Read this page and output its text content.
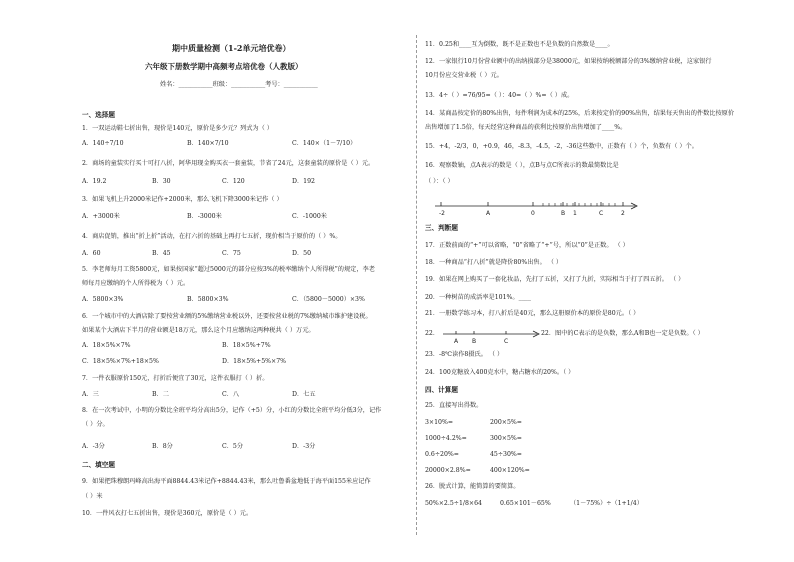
期中质量检测（1-2单元培优卷）
六年级下册数学期中高频考点培优卷（人教版）
姓名：___________班级：___________考号：___________
一、选择题
1．一双运动鞋七折出售，现价是140元，原价是多少元？列式为（ ）
A．140÷7/10	B．140×7/10	C．140×（1－7/10）
2．商场的童装实行买十可打八折，阿华用现金购买衣一套童装，节省了24元，这套童装的原价是（ ）元。
A．19.2	B．30	C．120	D．192
3．如果飞机上升2000米记作+2000米，那么飞机下降3000米记作（ ）
A．+3000米	B．-3000米	C．-1000米
4．商店促销，推出“折上折”活动，在打六折的基础上再打七五折，现价相当于原价的（ ）%。
A．60	B．45	C．75	D．50
5．李老师每月工资5800元，如果按国家“超过5000元的部分应按3%的税率缴纳个人所得税”的规定，李老
师每月应缴纳的个人所得税为（ ）元。
A．5800×3%	B．5800×3%	C．（5800－5000）×3%
6．一个城市中的大酒店除了要按营业额的5%缴纳营业税以外，还要按营业税的7%缴纳城市维护建设税。
如果某个大酒店下半月的营业额是18万元，那么这个月应缴纳这两种税共（ ）万元。
A．18×5%×7%	B．18×5%+7%
C．18×5%×7%+18×5%	D．18×5%+5%×7%
7．一件衣服原价150元，打折后便宜了30元，这件衣服打（ ）折。
A．三	B．二	C．八	D．七五
8．在一次考试中，小明的分数比全班平均分高出5分，记作（+5）分，小红的分数比全班平均分低3分，记作
（ ）分。
A．-3分	B．8分	C．5分	D．-3分
二、填空题
9．如果把珠穆朗玛峰高出海平面8844.43米记作+8844.43米，那么吐鲁番盆地低于海平面155米应记作
（ ）米
10．一件风衣打七五折出售，现价是360元，原价是（ ）元。
11．0.25和____互为倒数，既不是正数也不是负数的自然数是____。
12．一家银行10月份营业额中的出纳损部分是38000元，如果按纳税额部分的3%缴纳营业税，这家银行
10月份应交营业税（ ）元。
13．4÷（ ）=76/95=（ ）：40=（ ）%=（ ）成。
14．某商品按定价的80%出售，每件利润为成本的25%，后来按定价的90%出售，结果每天售出的件数比按原价
出售增加了1.5倍，每天经营这种商品的获利比按原价出售增加了____%。
15．+4，-2/3，0，+0.9，46，-8.3，-4.5，-2，-36这些数中，正数有（ ）个，负数有（ ）个。
16．观察数轴，点A表示的数是（ ），点B与点C所表示的数最简数比是
（ ）：（ ）
-2	A	0	B 1	C	2
三、判断题
17．正数前面的“+”可以省略，“0”省略了“+”号，所以“0”是正数。 （ ）
18．一种商品“打八折”就是降价80%出售。 （ ）
19．如果在网上购买了一套化妆品，先打了五折，又打了九折，实际相当于打了四五折。 （ ）
20．一种树苗的成活率是101%。____
21．一册数学练习本，打八折后是40元，那么这册原价本的原价是80元。（ ）
A B	C
22．	22．图中的C表示的是负数，那么A和B也一定是负数。（ ）
23．-8℃读作8摄氏。 （ ）
24．100克糖放入400克水中，糖占糖水的20%。（ ）
四、计算题
25．直接写出得数。
3×10%=	200×5%=
1000÷4.2%=	300×5%=
0.6÷20%=	45÷30%=
20000×2.8%=	400×120%=
26．脱式计算，能简算的要简算。
50%×2.5÷1/8×64	0.65×101－65%	（1－75%）÷（1+1/4）
